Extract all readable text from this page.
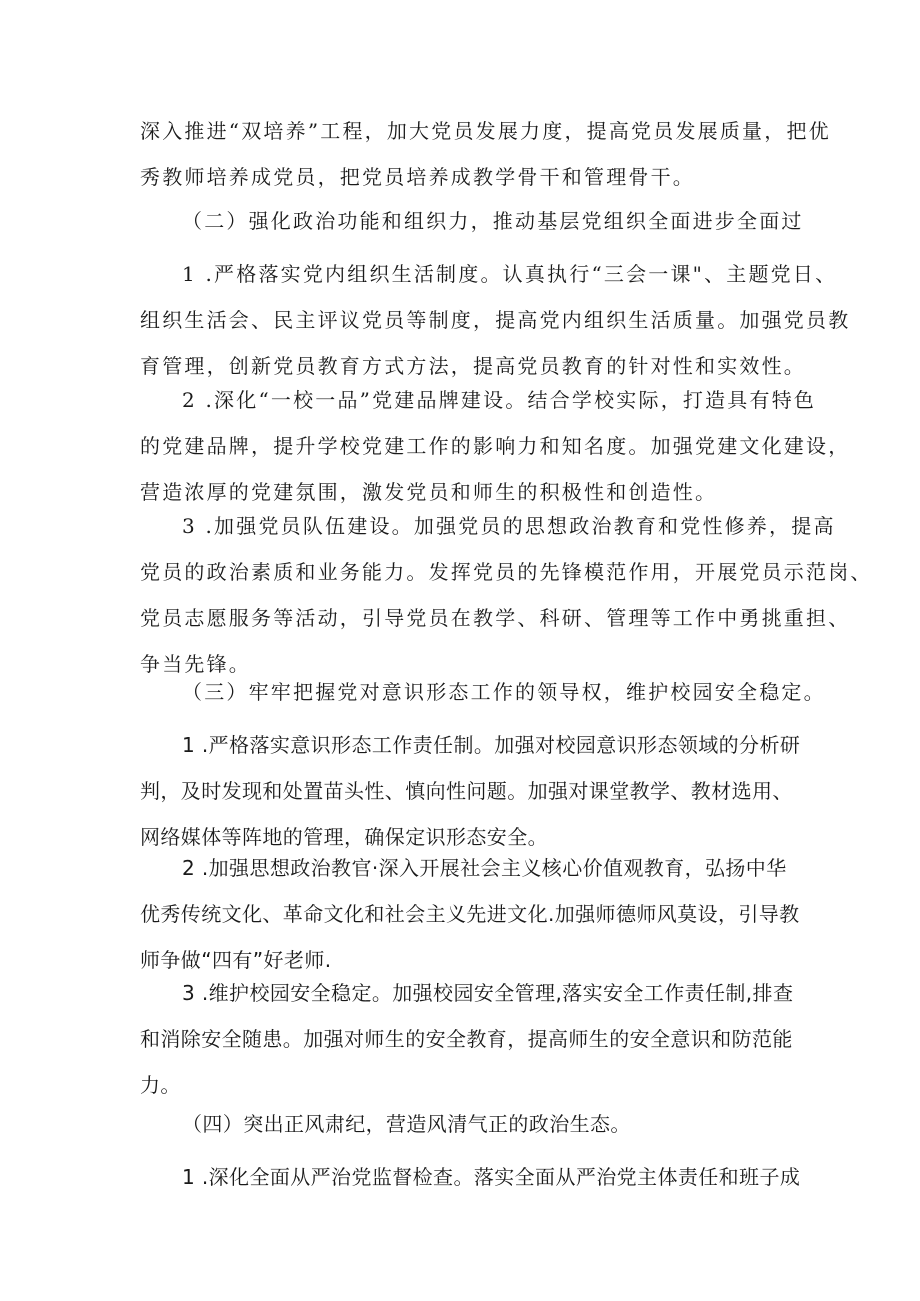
深入推进“双培养”工程，加大党员发展力度，提高党员发展质量，把优
秀教师培养成党员，把党员培养成教学骨干和管理骨干。
（二）强化政治功能和组织力，推动基层党组织全面进步全面过
1 .严格落实党内组织生活制度。认真执行“三会一课"、主题党日、
组织生活会、民主评议党员等制度，提高党内组织生活质量。加强党员教
育管理，创新党员教育方式方法，提高党员教育的针对性和实效性。
2 .深化“一校一品”党建品牌建设。结合学校实际，打造具有特色
的党建品牌，提升学校党建工作的影响力和知名度。加强党建文化建设，
营造浓厚的党建氛围，激发党员和师生的积极性和创造性。
3 .加强党员队伍建设。加强党员的思想政治教育和党性修养，提高
党员的政治素质和业务能力。发挥党员的先锋模范作用，开展党员示范岗、
党员志愿服务等活动，引导党员在教学、科研、管理等工作中勇挑重担、
争当先锋。
（三）牢牢把握党对意识形态工作的领导权，维护校园安全稳定。
1 .严格落实意识形态工作责任制。加强对校园意识形态领域的分析研
判，及时发现和处置苗头性、慎向性问题。加强对课堂教学、教材选用、
网络媒体等阵地的管理，确保定识形态安全。
2 .加强思想政治教官·深入开展社会主义核心价值观教育，弘扬中华
优秀传统文化、革命文化和社会主义先进文化.加强师德师风莫设，引导教
师争做“四有”好老师.
3 .维护校园安全稳定。加强校园安全管理,落实安全工作责任制,排查
和消除安全随患。加强对师生的安全教育，提高师生的安全意识和防范能
力。
（四）突出正风肃纪，营造风清气正的政治生态。
1 .深化全面从严治党监督检查。落实全面从严治党主体责任和班子成
